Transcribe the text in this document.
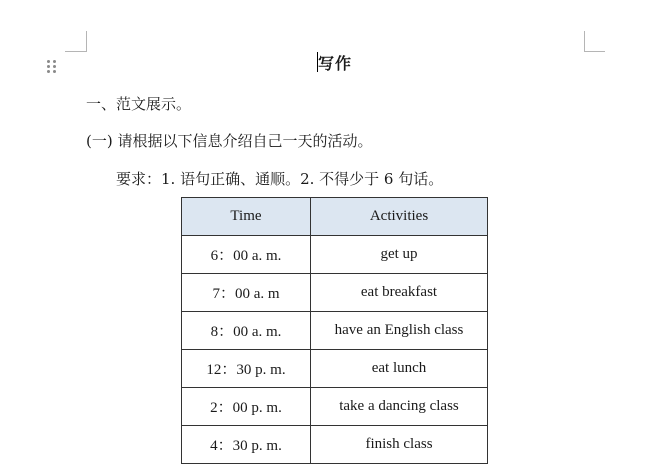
写作
一、范文展示。
(一) 请根据以下信息介绍自己一天的活动。
要求：1. 语句正确、通顺。2. 不得少于 6 句话。
Time	Activities
6：00 a. m.	get up
7：00 a. m	eat breakfast
8：00 a. m.	have an English class
12：30 p. m.	eat lunch
2：00 p. m.	take a dancing class
4：30 p. m.	finish class
